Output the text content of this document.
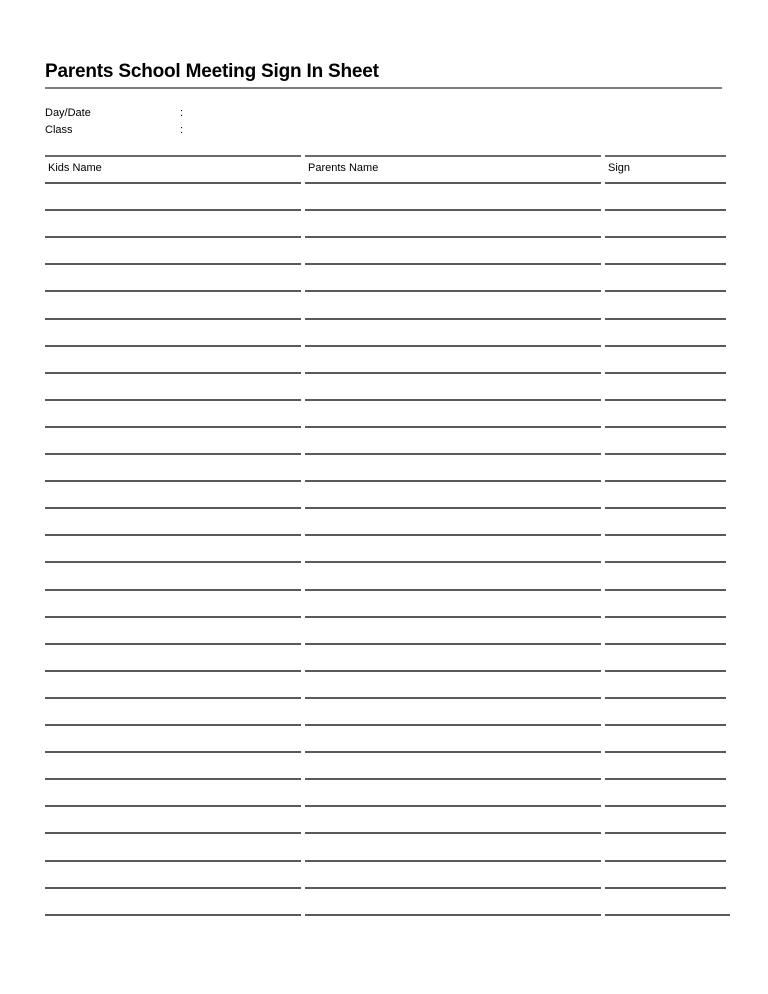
Parents School Meeting Sign In Sheet
Day/Date	:
Class	:
Kids Name	Parents Name	Sign
